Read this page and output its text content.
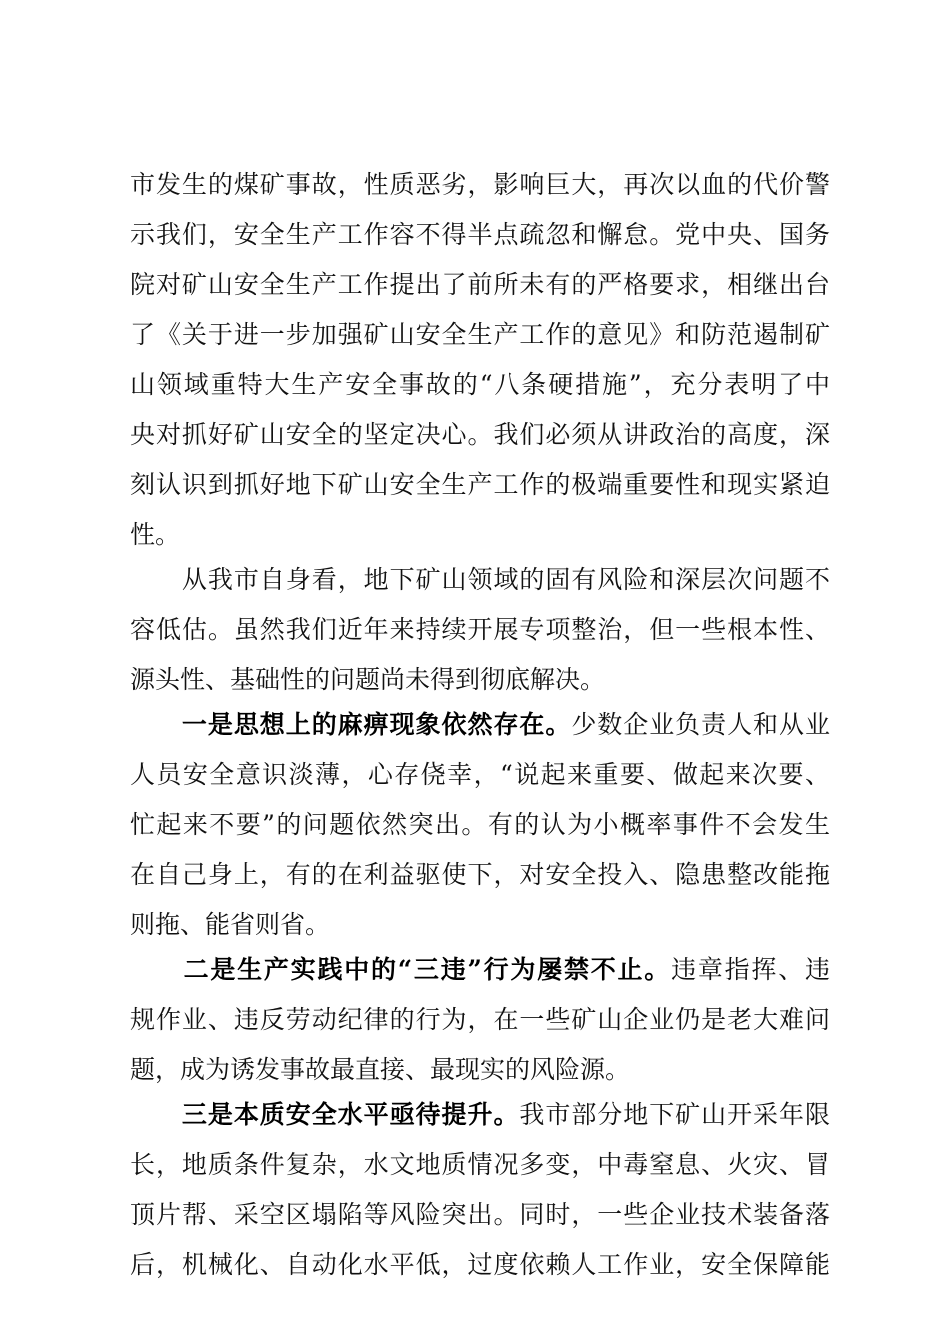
市发生的煤矿事故，性质恶劣，影响巨大，再次以血的代价警
示我们，安全生产工作容不得半点疏忽和懈怠。党中央、国务
院对矿山安全生产工作提出了前所未有的严格要求，相继出台
了《关于进一步加强矿山安全生产工作的意见》和防范遏制矿
山领域重特大生产安全事故的“八条硬措施”，充分表明了中
央对抓好矿山安全的坚定决心。我们必须从讲政治的高度，深
刻认识到抓好地下矿山安全生产工作的极端重要性和现实紧迫
性。
　　从我市自身看，地下矿山领域的固有风险和深层次问题不
容低估。虽然我们近年来持续开展专项整治，但一些根本性、
源头性、基础性的问题尚未得到彻底解决。
　　一是思想上的麻痹现象依然存在。少数企业负责人和从业
人员安全意识淡薄，心存侥幸，“说起来重要、做起来次要、
忙起来不要”的问题依然突出。有的认为小概率事件不会发生
在自己身上，有的在利益驱使下，对安全投入、隐患整改能拖
则拖、能省则省。
　　二是生产实践中的“三违”行为屡禁不止。违章指挥、违
规作业、违反劳动纪律的行为，在一些矿山企业仍是老大难问
题，成为诱发事故最直接、最现实的风险源。
　　三是本质安全水平亟待提升。我市部分地下矿山开采年限
长，地质条件复杂，水文地质情况多变，中毒窒息、火灾、冒
顶片帮、采空区塌陷等风险突出。同时，一些企业技术装备落
后，机械化、自动化水平低，过度依赖人工作业，安全保障能
